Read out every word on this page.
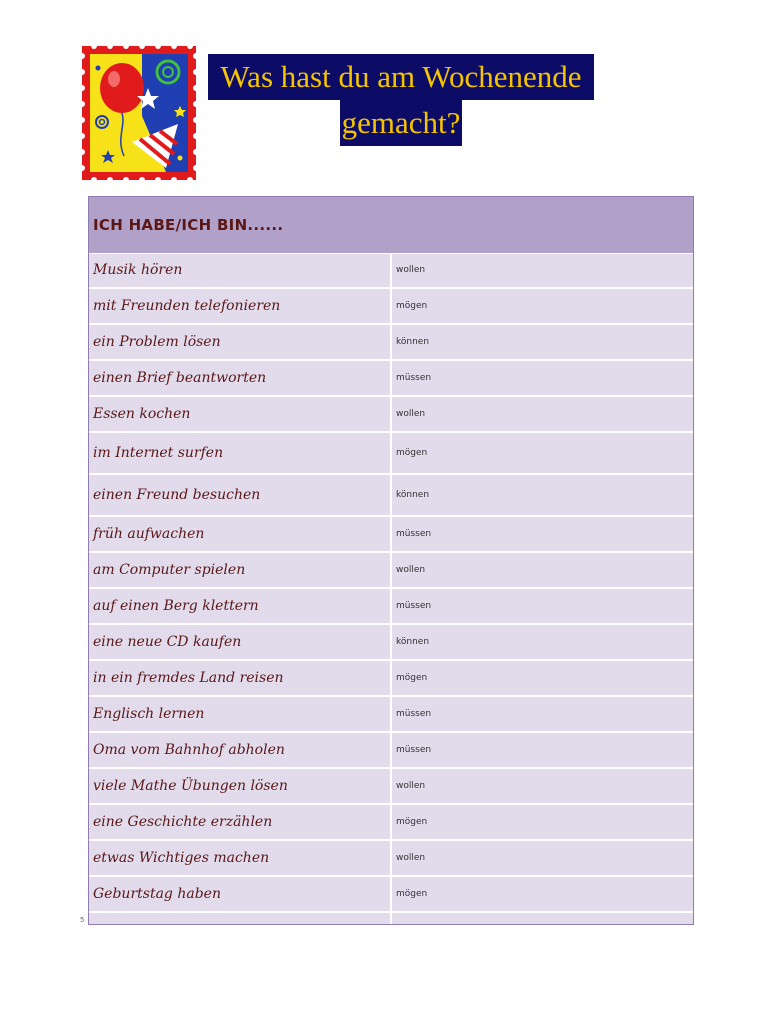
Was hast du am Wochenende
gemacht?
ICH HABE/ICH BIN......	
Musik hören	wollen
mit Freunden telefonieren	mögen
ein Problem lösen	können
einen Brief beantworten	müssen
Essen kochen	wollen
im Internet surfen	mögen
einen Freund besuchen	können
früh aufwachen	müssen
am Computer spielen	wollen
auf einen Berg klettern	müssen
eine neue CD kaufen	können
in ein fremdes Land reisen	mögen
Englisch lernen	müssen
Oma vom Bahnhof abholen	müssen
viele Mathe Übungen lösen	wollen
eine Geschichte erzählen	mögen
etwas Wichtiges machen	wollen
Geburtstag haben	mögen

5
